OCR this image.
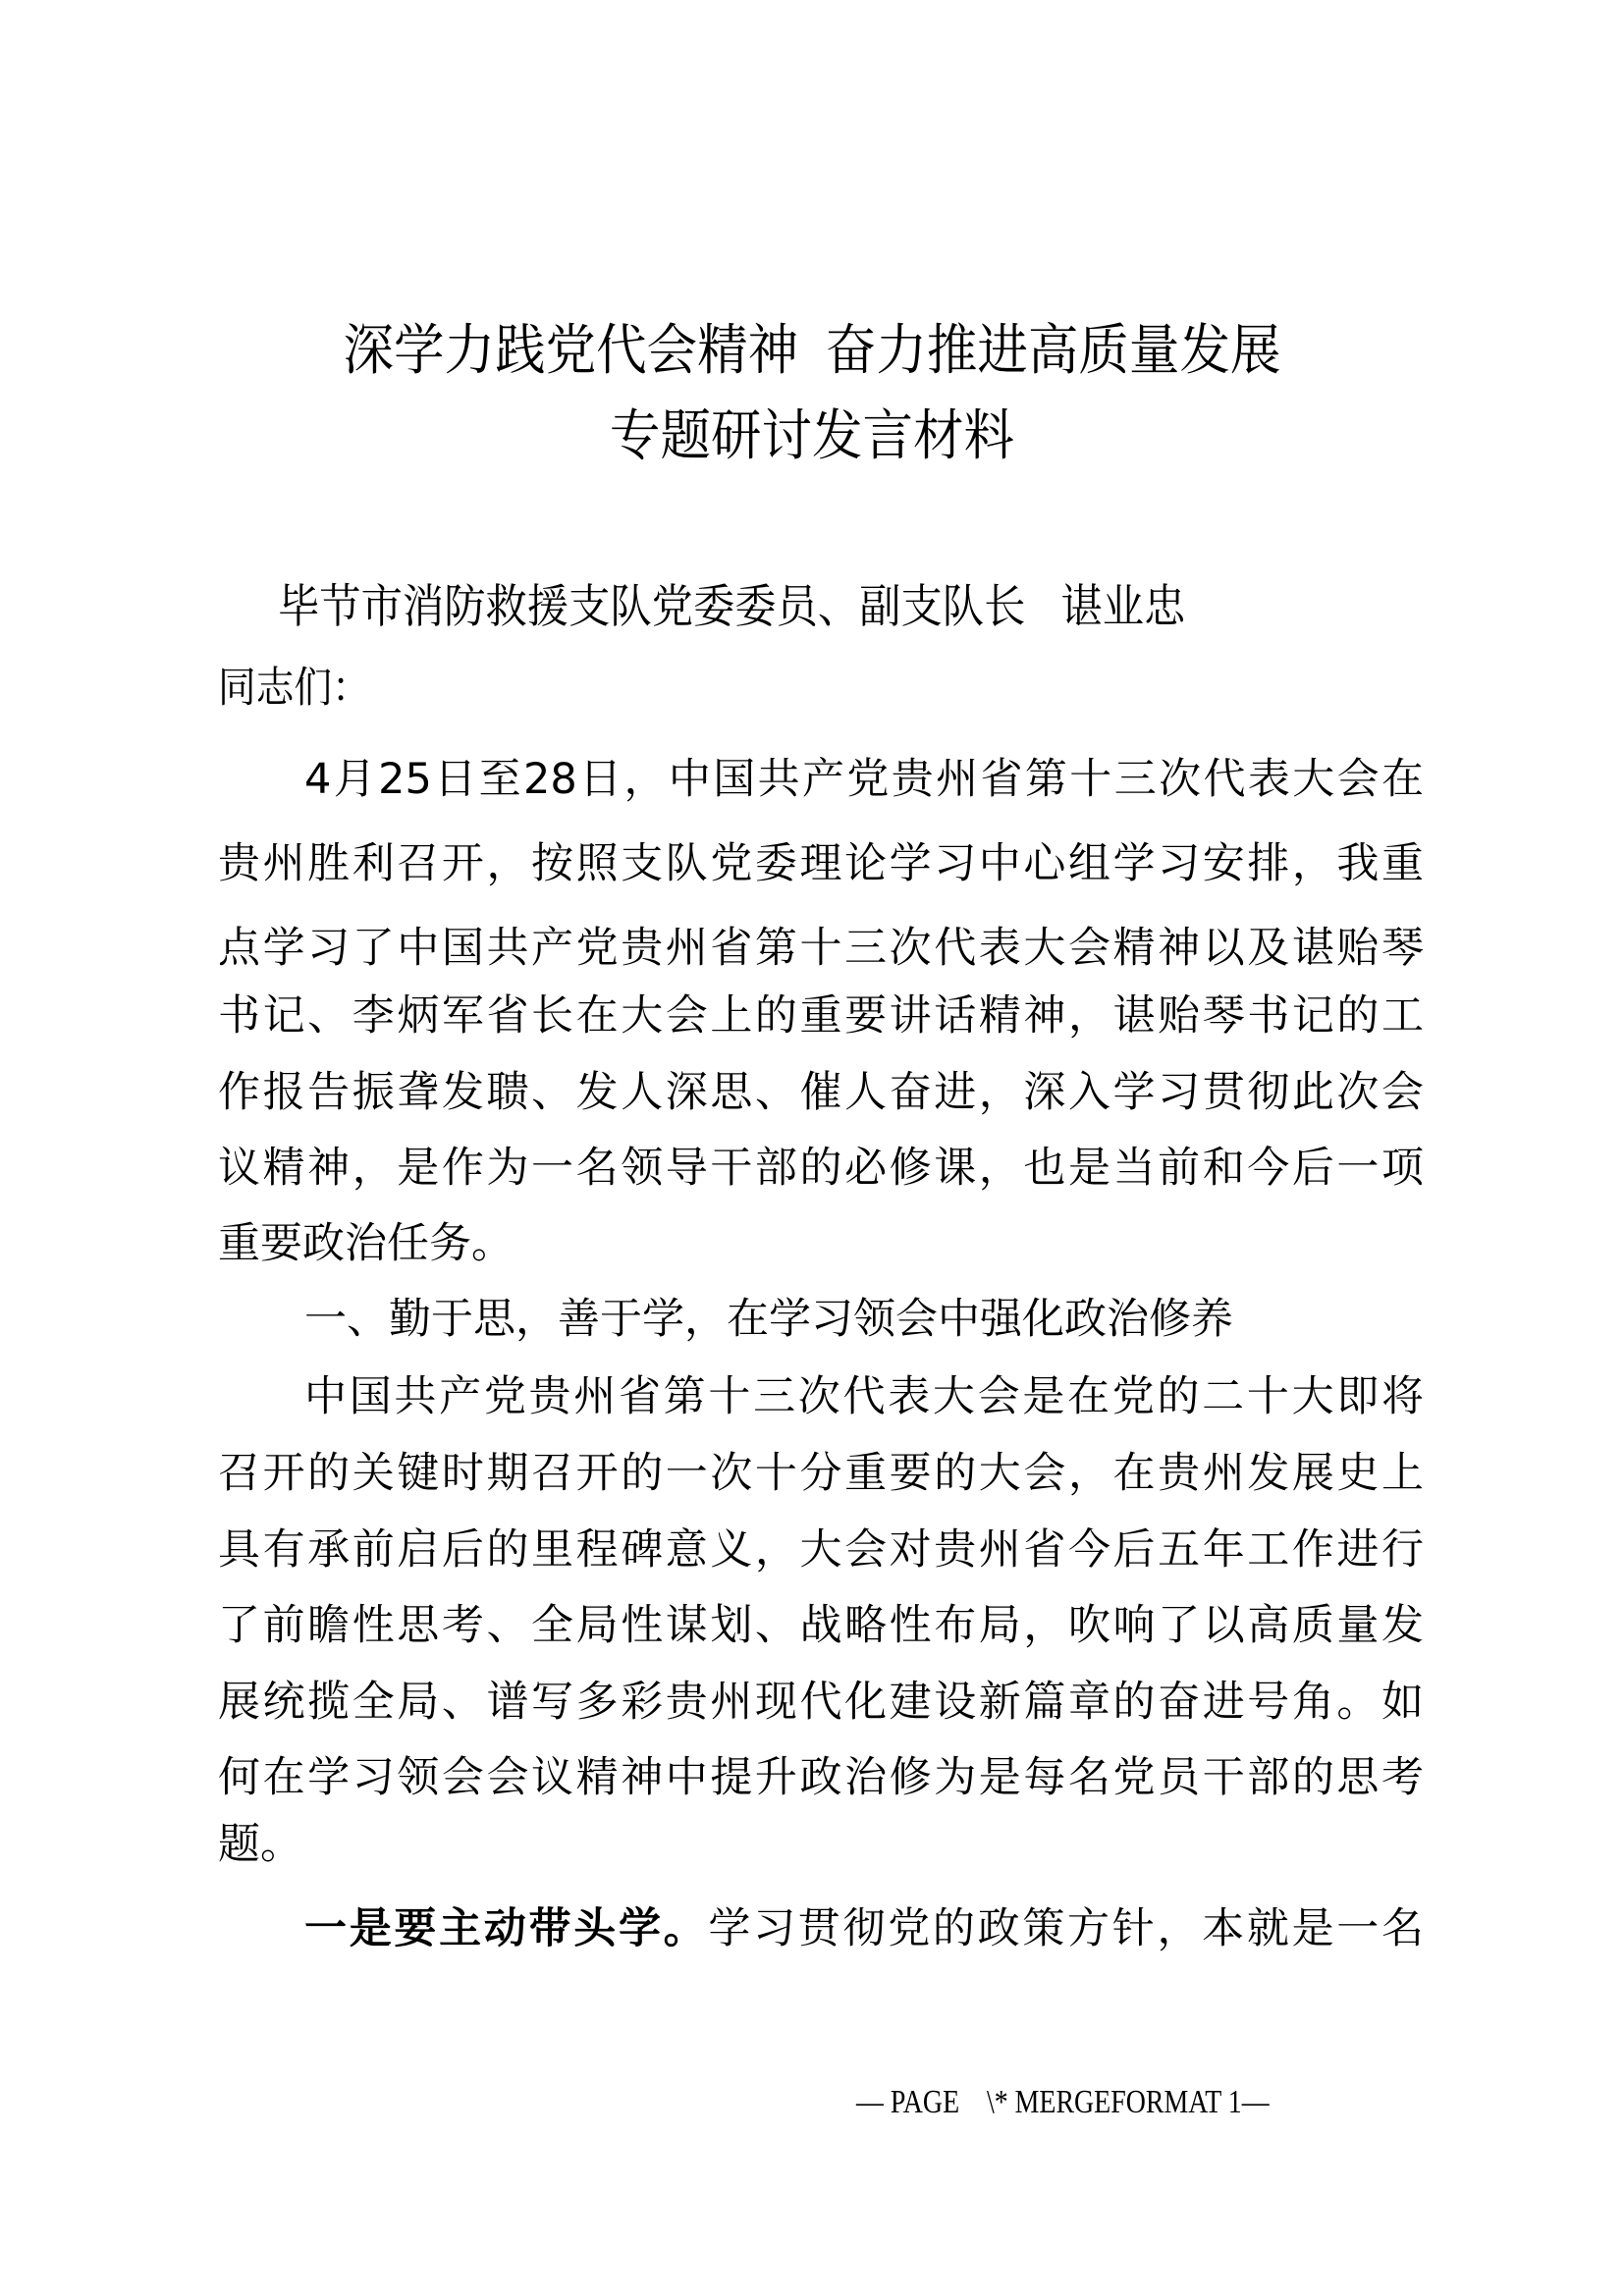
深学力践党代会精神 奋力推进高质量发展
专题研讨发言材料
毕节市消防救援支队党委委员、副支队长 谌业忠
同志们：
4月25日至28日，中国共产党贵州省第十三次代表大会在
贵州胜利召开，按照支队党委理论学习中心组学习安排，我重
点学习了中国共产党贵州省第十三次代表大会精神以及谌贻琴
书记、李炳军省长在大会上的重要讲话精神，谌贻琴书记的工
作报告振聋发聩、发人深思、催人奋进，深入学习贯彻此次会
议精神，是作为一名领导干部的必修课，也是当前和今后一项
重要政治任务。
一、勤于思，善于学，在学习领会中强化政治修养
中国共产党贵州省第十三次代表大会是在党的二十大即将
召开的关键时期召开的一次十分重要的大会，在贵州发展史上
具有承前启后的里程碑意义，大会对贵州省今后五年工作进行
了前瞻性思考、全局性谋划、战略性布局，吹响了以高质量发
展统揽全局、谱写多彩贵州现代化建设新篇章的奋进号角。如
何在学习领会会议精神中提升政治修为是每名党员干部的思考
题。
一是要主动带头学。学习贯彻党的政策方针，本就是一名
— PAGE    \* MERGEFORMAT 1—
